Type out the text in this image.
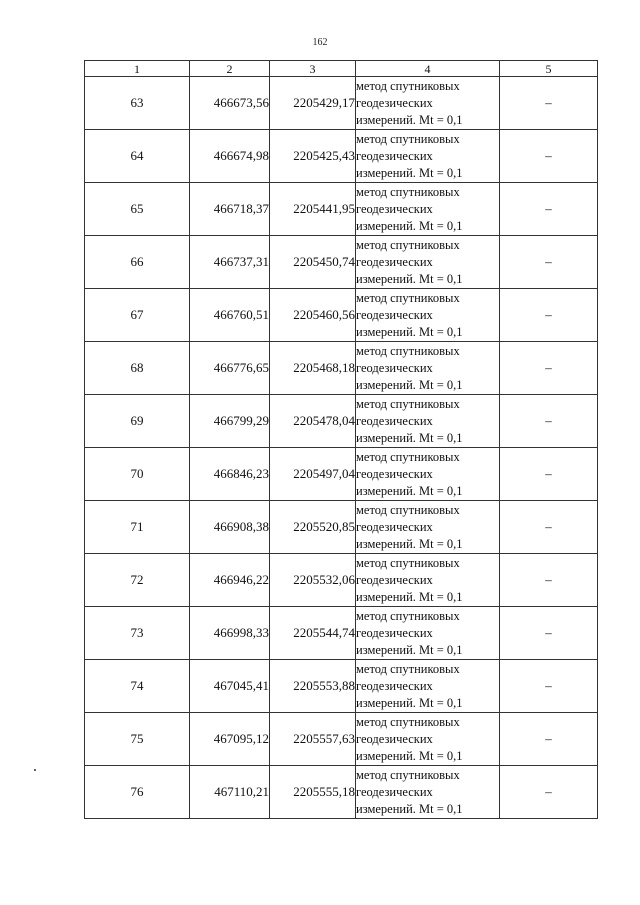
162
1	2	3	4	5
63	466673,56	2205429,17	метод спутниковых
геодезических
измерений. Mt = 0,1	–
64	466674,98	2205425,43	метод спутниковых
геодезических
измерений. Mt = 0,1	–
65	466718,37	2205441,95	метод спутниковых
геодезических
измерений. Mt = 0,1	–
66	466737,31	2205450,74	метод спутниковых
геодезических
измерений. Mt = 0,1	–
67	466760,51	2205460,56	метод спутниковых
геодезических
измерений. Mt = 0,1	–
68	466776,65	2205468,18	метод спутниковых
геодезических
измерений. Mt = 0,1	–
69	466799,29	2205478,04	метод спутниковых
геодезических
измерений. Mt = 0,1	–
70	466846,23	2205497,04	метод спутниковых
геодезических
измерений. Mt = 0,1	–
71	466908,38	2205520,85	метод спутниковых
геодезических
измерений. Mt = 0,1	–
72	466946,22	2205532,06	метод спутниковых
геодезических
измерений. Mt = 0,1	–
73	466998,33	2205544,74	метод спутниковых
геодезических
измерений. Mt = 0,1	–
74	467045,41	2205553,88	метод спутниковых
геодезических
измерений. Mt = 0,1	–
75	467095,12	2205557,63	метод спутниковых
геодезических
измерений. Mt = 0,1	–
76	467110,21	2205555,18	метод спутниковых
геодезических
измерений. Mt = 0,1	–
